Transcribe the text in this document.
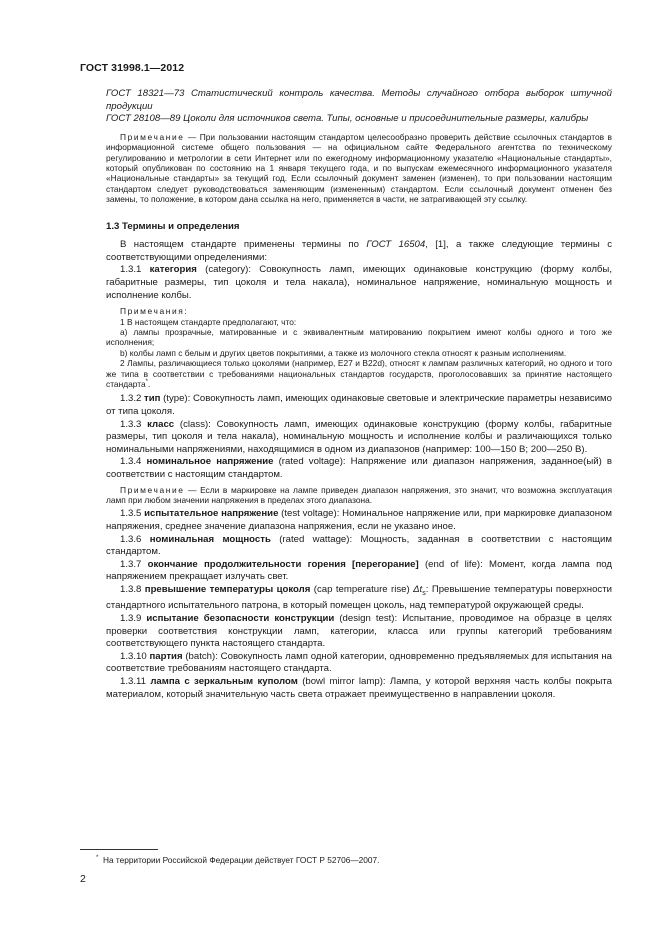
ГОСТ 31998.1—2012

ГОСТ 18321—73 Статистический контроль качества. Методы случайного отбора выборок штучной продукции

ГОСТ 28108—89 Цоколи для источников света. Типы, основные и присоединительные размеры, калибры

Примечание — При пользовании настоящим стандартом целесообразно проверить действие ссылочных стандартов в информационной системе общего пользования — на официальном сайте Федерального агентства по техническому регулированию и метрологии в сети Интернет или по ежегодному информационному указателю «Национальные стандарты», который опубликован по состоянию на 1 января текущего года, и по выпускам ежемесячного информационного указателя «Национальные стандарты» за текущий год. Если ссылочный документ заменен (изменен), то при пользовании настоящим стандартом следует руководствоваться заменяющим (измененным) стандартом. Если ссылочный документ отменен без замены, то положение, в котором дана ссылка на него, применяется в части, не затрагивающей эту ссылку.

1.3 Термины и определения

В настоящем стандарте применены термины по ГОСТ 16504, [1], а также следующие термины с соответствующими определениями:

1.3.1 категория (category): Совокупность ламп, имеющих одинаковые конструкцию (форму колбы, габаритные размеры, тип цоколя и тела накала), номинальное напряжение, номинальную мощность и исполнение колбы.

Примечания:

1 В настоящем стандарте предполагают, что:

а) лампы прозрачные, матированные и с эквивалентным матированию покрытием имеют колбы одного и того же исполнения;

b) колбы ламп с белым и других цветов покрытиями, а также из молочного стекла относят к разным исполнениям.

2 Лампы, различающиеся только цоколями (например, Е27 и В22d), относят к лампам различных категорий, но одного и того же типа в соответствии с требованиями национальных стандартов государств, проголосовавших за принятие настоящего стандарта*.

1.3.2 тип (type): Совокупность ламп, имеющих одинаковые световые и электрические параметры независимо от типа цоколя.

1.3.3 класс (class): Совокупность ламп, имеющих одинаковые конструкцию (форму колбы, габаритные размеры, тип цоколя и тела накала), номинальную мощность и исполнение колбы и различающихся только номинальными напряжениями, находящимися в одном из диапазонов (например: 100—150 В; 200—250 В).

1.3.4 номинальное напряжение (rated voltage): Напряжение или диапазон напряжения, заданное(ый) в соответствии с настоящим стандартом.

Примечание — Если в маркировке на лампе приведен диапазон напряжения, это значит, что возможна эксплуатация ламп при любом значении напряжения в пределах этого диапазона.

1.3.5 испытательное напряжение (test voltage): Номинальное напряжение или, при маркировке диапазоном напряжения, среднее значение диапазона напряжения, если не указано иное.

1.3.6 номинальная мощность (rated wattage): Мощность, заданная в соответствии с настоящим стандартом.

1.3.7 окончание продолжительности горения [перегорание] (end of life): Момент, когда лампа под напряжением прекращает излучать свет.

1.3.8 превышение температуры цоколя (cap temperature rise) $\Delta t_s$: Превышение температуры поверхности стандартного испытательного патрона, в который помещен цоколь, над температурой окружающей среды.

1.3.9 испытание безопасности конструкции (design test): Испытание, проводимое на образце в целях проверки соответствия конструкции ламп, категории, класса или группы категорий требованиям соответствующего пункта настоящего стандарта.

1.3.10 партия (batch): Совокупность ламп одной категории, одновременно предъявляемых для испытания на соответствие требованиям настоящего стандарта.

1.3.11 лампа с зеркальным куполом (bowl mirror lamp): Лампа, у которой верхняя часть колбы покрыта материалом, который значительную часть света отражает преимущественно в направлении цоколя.

* На территории Российской Федерации действует ГОСТ Р 52706—2007.
2
